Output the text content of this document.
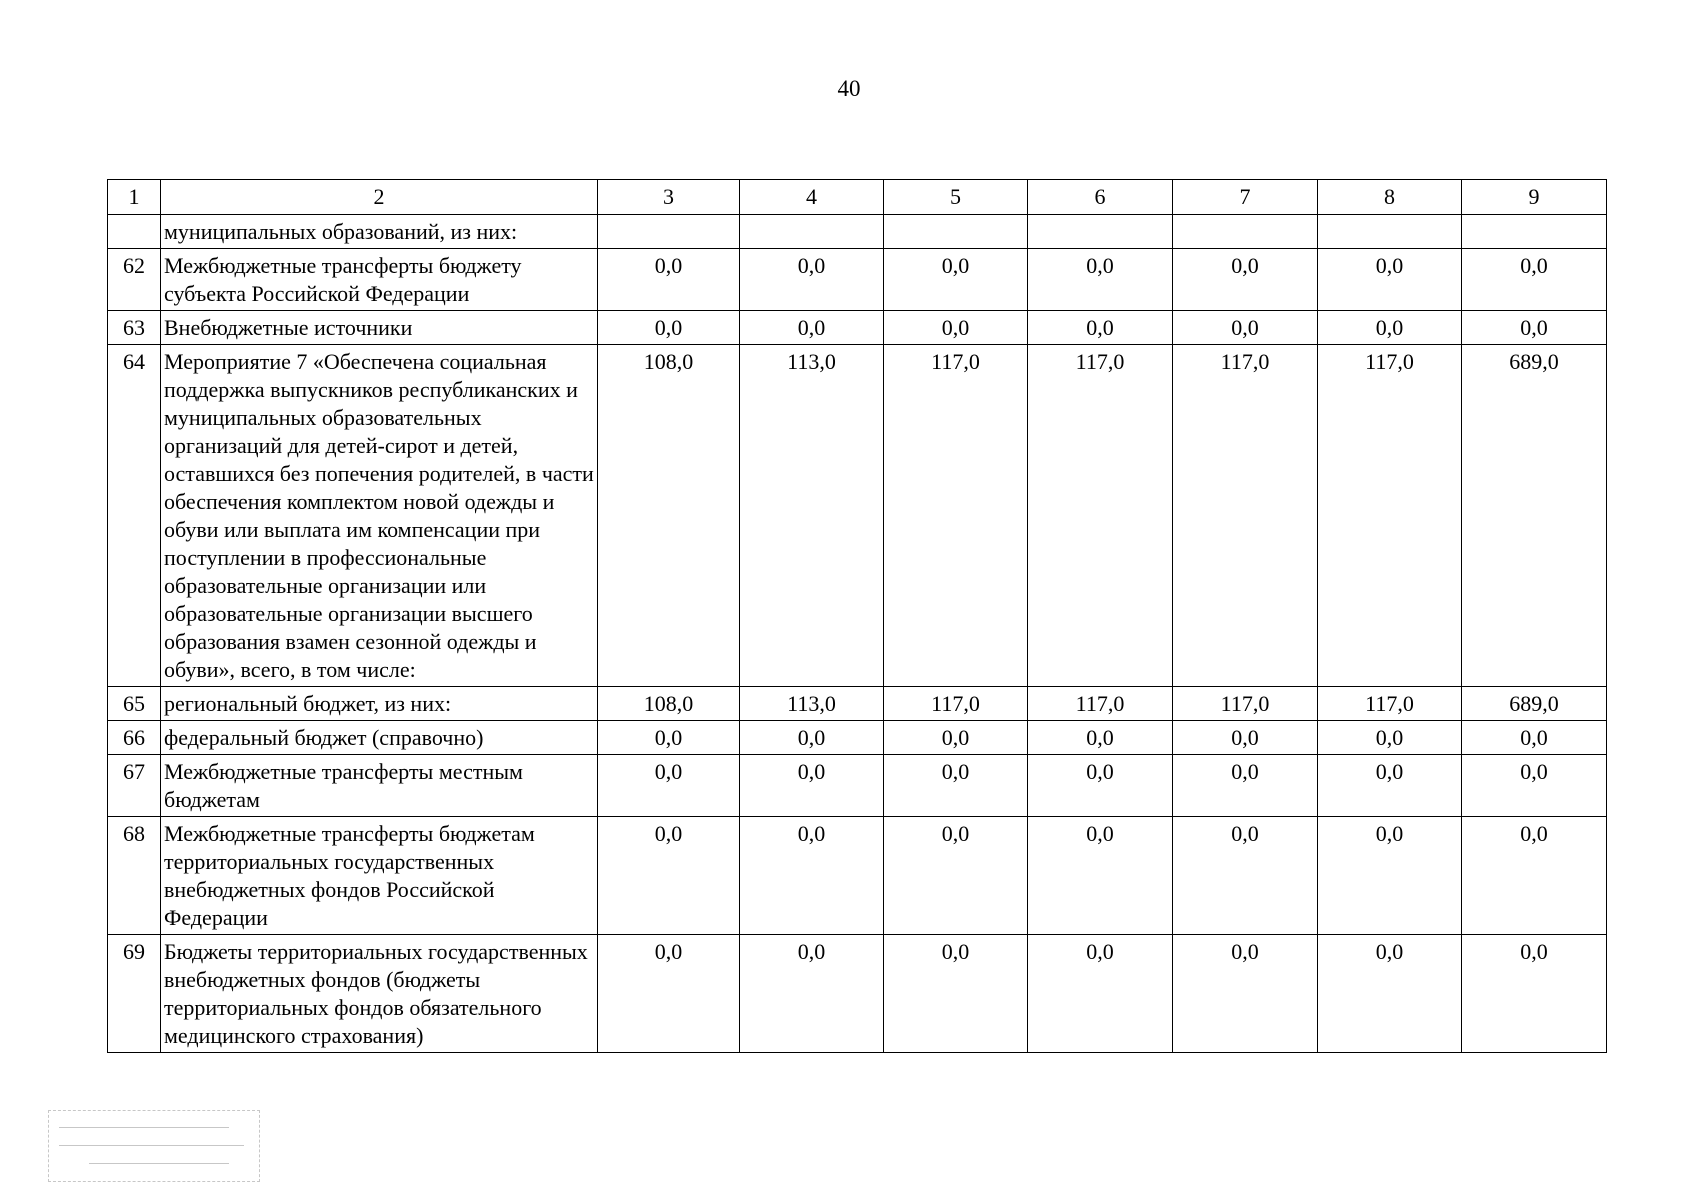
40
1	2	3	4	5	6	7	8	9
	муниципальных образований, из них:							
62	Межбюджетные трансферты бюджету субъекта Российской Федерации	0,0	0,0	0,0	0,0	0,0	0,0	0,0
63	Внебюджетные источники	0,0	0,0	0,0	0,0	0,0	0,0	0,0
64	Мероприятие 7 «Обеспечена социальная поддержка выпускников республиканских и муниципальных образовательных организаций для детей-сирот и детей, оставшихся без попечения родителей, в части обеспечения комплектом новой одежды и обуви или выплата им компенсации при поступлении в профессиональные образовательные организации или образовательные организации высшего образования взамен сезонной одежды и обуви», всего, в том числе:	108,0	113,0	117,0	117,0	117,0	117,0	689,0
65	региональный бюджет, из них:	108,0	113,0	117,0	117,0	117,0	117,0	689,0
66	федеральный бюджет (справочно)	0,0	0,0	0,0	0,0	0,0	0,0	0,0
67	Межбюджетные трансферты местным бюджетам	0,0	0,0	0,0	0,0	0,0	0,0	0,0
68	Межбюджетные трансферты бюджетам территориальных государственных внебюджетных фондов Российской Федерации	0,0	0,0	0,0	0,0	0,0	0,0	0,0
69	Бюджеты территориальных государственных внебюджетных фондов (бюджеты территориальных фондов обязательного медицинского страхования)	0,0	0,0	0,0	0,0	0,0	0,0	0,0
